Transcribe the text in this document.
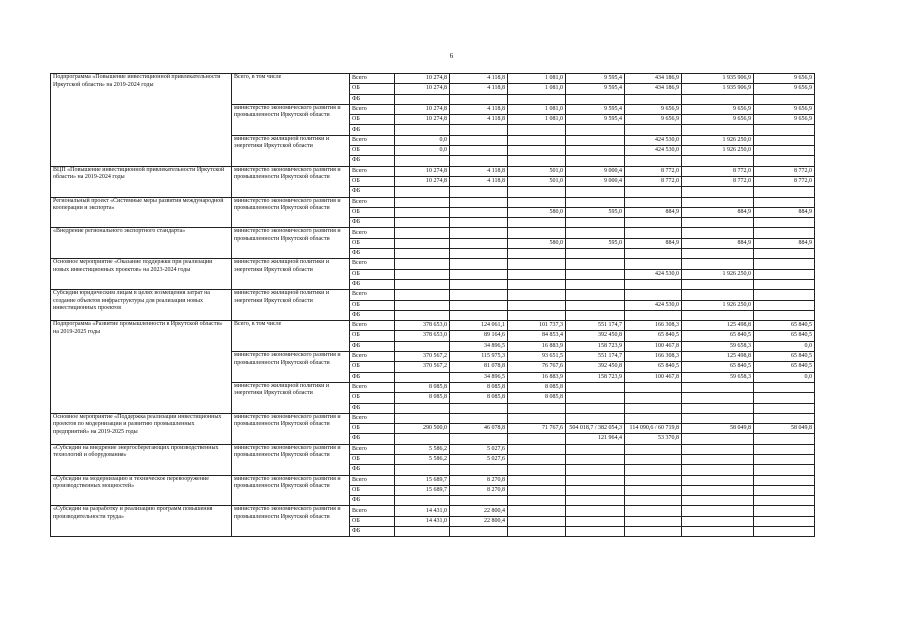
6
Подпрограмма «Повышение инвестиционной привлекательности Иркутской области» на 2019-2024 годы	Всего, в том числе	Всего	10 274,8	4 118,8	1 081,0	9 595,4	434 186,9	1 935 906,9	9 656,9
		ОБ	10 274,8	4 118,8	1 081,0	9 595,4	434 186,9	1 935 906,9	9 656,9
		ФБ							
	министерство экономического развития и промышленности Иркутской области	Всего	10 274,8	4 118,8	1 081,0	9 595,4	9 656,9	9 656,9	9 656,9
		ОБ	10 274,8	4 118,8	1 081,0	9 595,4	9 656,9	9 656,9	9 656,9
		ФБ							
	министерство жилищной политики и энергетики Иркутской области	Всего	0,0				424 530,0	1 926 250,0	
		ОБ	0,0				424 530,0	1 926 250,0	
		ФБ							
ВЦП «Повышение инвестиционной привлекательности Иркутской области» на 2019-2024 годы	министерство экономического развития и промышленности Иркутской области	Всего	10 274,8	4 118,8	501,0	9 000,4	8 772,0	8 772,0	8 772,0
		ОБ	10 274,8	4 118,8	501,0	9 000,4	8 772,0	8 772,0	8 772,0
		ФБ							
Региональный проект «Системные меры развития международной кооперации и экспорта»	министерство экономического развития и промышленности Иркутской области	Всего							
		ОБ			580,0	595,0	884,9	884,9	884,9
		ФБ							
«Внедрение регионального экспортного стандарта»	министерство экономического развития и промышленности Иркутской области	Всего							
		ОБ			580,0	595,0	884,9	884,9	884,9
		ФБ							
Основное мероприятие «Оказание поддержки при реализации новых инвестиционных проектов» на 2023-2024 годы	министерство жилищной политики и энергетики Иркутской области	Всего							
		ОБ					424 530,0	1 926 250,0	
		ФБ							
Субсидии юридическим лицам в целях возмещения затрат на создание объектов инфраструктуры для реализации новых инвестиционных проектов	министерство жилищной политики и энергетики Иркутской области	Всего							
		ОБ					424 530,0	1 926 250,0	
		ФБ							
Подпрограмма «Развитие промышленности в Иркутской области» на 2019-2025 годы	Всего, в том числе	Всего	378 653,0	124 061,1	101 737,3	551 174,7	166 308,3	125 498,8	65 840,5
		ОБ	378 653,0	89 164,6	84 853,4	392 450,8	65 840,5	65 840,5	65 840,5
		ФБ		34 896,5	16 883,9	158 723,9	100 467,8	59 658,3	0,0
	министерство экономического развития и промышленности Иркутской области	Всего	370 567,2	115 975,3	93 651,5	551 174,7	166 308,3	125 498,8	65 840,5
		ОБ	370 567,2	81 078,8	76 767,6	392 450,8	65 840,5	65 840,5	65 840,5
		ФБ		34 896,5	16 883,9	158 723,9	100 467,8	59 658,3	0,0
	министерство жилищной политики и энергетики Иркутской области	Всего	8 085,8	8 085,8	8 085,8				
		ОБ	8 085,8	8 085,8	8 085,8				
		ФБ							
Основное мероприятие «Поддержка реализации инвестиционных проектов по модернизации и развитию промышленных предприятий» на 2019-2025 годы	министерство экономического развития и промышленности Иркутской области	Всего							
		ОБ	290 500,0	46 078,8	71 767,6	504 018,7 / 382 054,3	114 090,6 / 60 719,8	58 049,8	58 049,8
		ФБ				121 964,4	53 370,8		
«Субсидии на внедрение энергосберегающих производственных технологий и оборудования»	министерство экономического развития и промышленности Иркутской области	Всего	5 586,2	5 027,6					
		ОБ	5 586,2	5 027,6					
		ФБ							
«Субсидии на модернизацию и техническое перевооружение производственных мощностей»	министерство экономического развития и промышленности Иркутской области	Всего	15 689,7	8 270,8					
		ОБ	15 689,7	8 270,8					
		ФБ							
«Субсидии на разработку и реализацию программ повышения производительности труда»	министерство экономического развития и промышленности Иркутской области	Всего	14 431,0	22 800,4					
		ОБ	14 431,0	22 800,4					
		ФБ							
